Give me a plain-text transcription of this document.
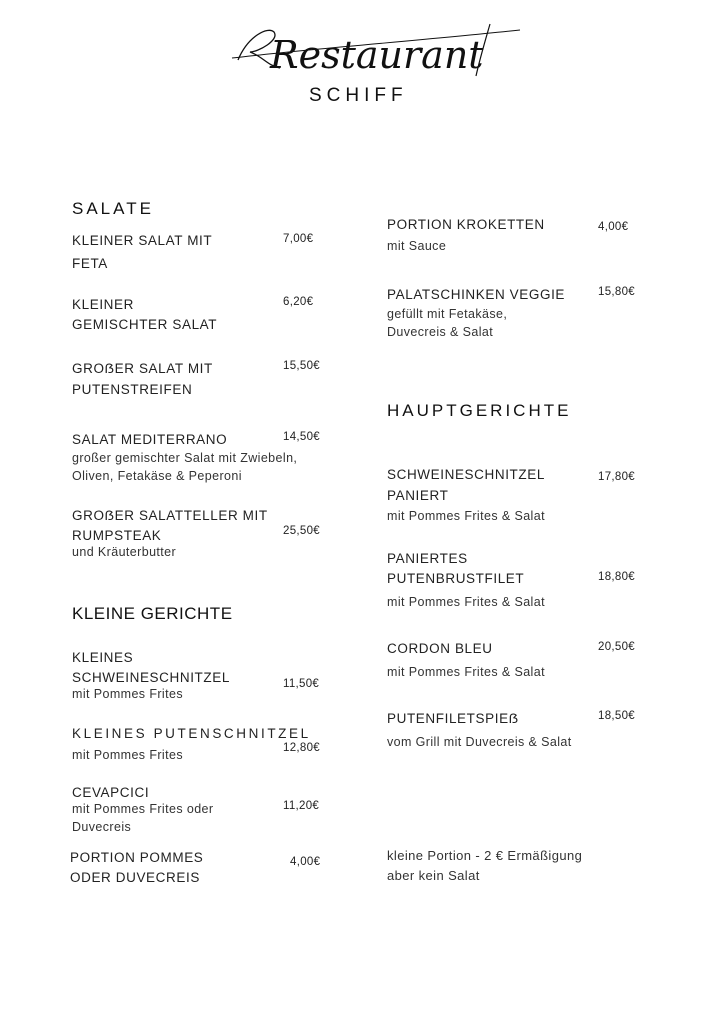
Restaurant
SCHIFF
SALATE
KLEINER SALAT MIT
FETA
7,00€
KLEINER
GEMISCHTER SALAT
6,20€
GROẞER SALAT MIT
PUTENSTREIFEN
15,50€
SALAT MEDITERRANO
großer gemischter Salat mit Zwiebeln,
Oliven, Fetakäse & Peperoni
14,50€
GROẞER SALATTELLER MIT
RUMPSTEAK
und Kräuterbutter
25,50€
KLEINE GERICHTE
KLEINES
SCHWEINESCHNITZEL
mit Pommes Frites
11,50€
KLEINES PUTENSCHNITZEL
mit Pommes Frites	12,80€
CEVAPCICI
mit Pommes Frites oder
Duvecreis
11,20€
PORTION POMMES
ODER DUVECREIS
4,00€
PORTION KROKETTEN
mit Sauce
4,00€
PALATSCHINKEN VEGGIE
gefüllt mit Fetakäse,
Duvecreis & Salat
15,80€
HAUPTGERICHTE
SCHWEINESCHNITZEL
PANIERT
mit Pommes Frites & Salat
17,80€
PANIERTES
PUTENBRUSTFILET
mit Pommes Frites & Salat
18,80€
CORDON BLEU
mit Pommes Frites & Salat
20,50€
PUTENFILETSPIEẞ
vom Grill mit Duvecreis & Salat
18,50€
kleine Portion - 2 € Ermäßigung
aber kein Salat
